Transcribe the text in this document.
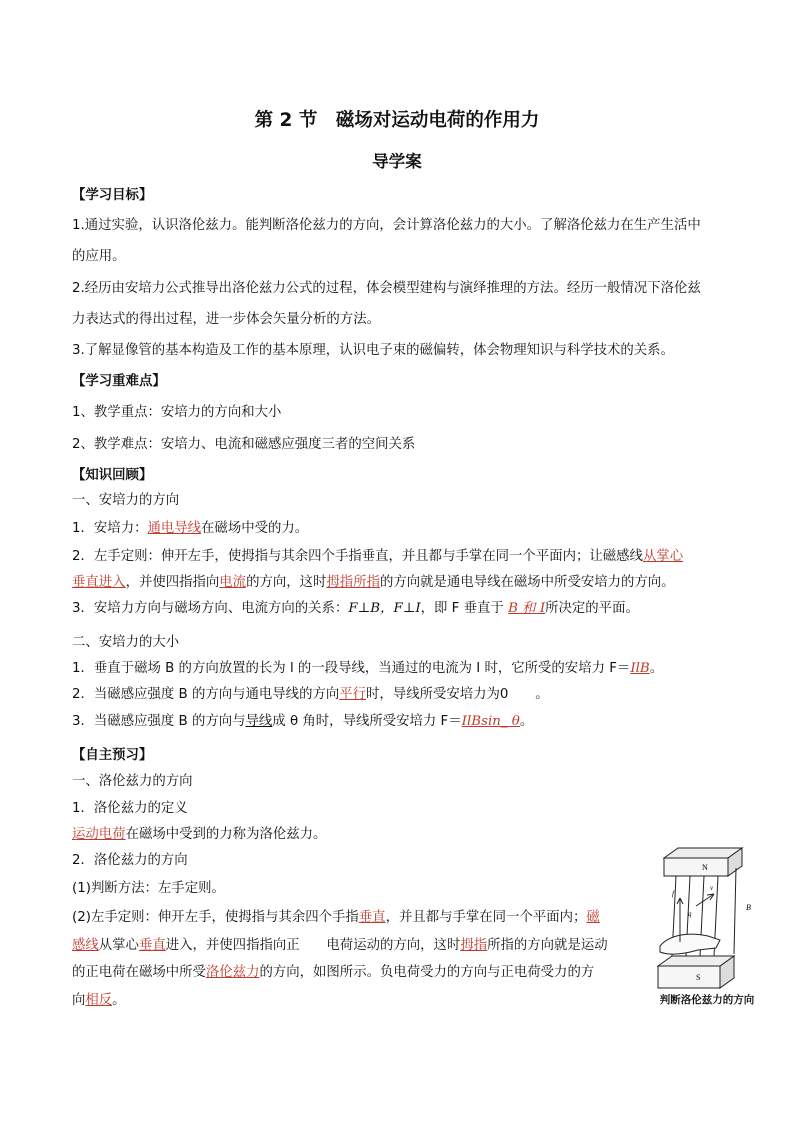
第 2 节　磁场对运动电荷的作用力
导学案
【学习目标】
1.通过实验，认识洛伦兹力。能判断洛伦兹力的方向，会计算洛伦兹力的大小。了解洛伦兹力在生产生活中
的应用。
2.经历由安培力公式推导出洛伦兹力公式的过程，体会模型建构与演绎推理的方法。经历一般情况下洛伦兹
力表达式的得出过程，进一步体会矢量分析的方法。
3.了解显像管的基本构造及工作的基本原理，认识电子束的磁偏转，体会物理知识与科学技术的关系。
【学习重难点】
1、教学重点：安培力的方向和大小
2、教学难点：安培力、电流和磁感应强度三者的空间关系
【知识回顾】
一、安培力的方向
1．安培力：通电导线在磁场中受的力。
2．左手定则：伸开左手，使拇指与其余四个手指垂直，并且都与手掌在同一个平面内；让磁感线从掌心
垂直进入，并使四指指向电流的方向，这时拇指所指的方向就是通电导线在磁场中所受安培力的方向。
3．安培力方向与磁场方向、电流方向的关系：F⊥B，F⊥I，即 F 垂直于 B 和 I所决定的平面。
二、安培力的大小
1．垂直于磁场 B 的方向放置的长为 l 的一段导线，当通过的电流为 I 时，它所受的安培力 F＝IlB。
2．当磁感应强度 B 的方向与通电导线的方向平行时，导线所受安培力为0　　。
3．当磁感应强度 B 的方向与导线成 θ 角时，导线所受安培力 F＝IlBsin_ θ。
【自主预习】
一、洛伦兹力的方向
1．洛伦兹力的定义
运动电荷在磁场中受到的力称为洛伦兹力。
2．洛伦兹力的方向
(1)判断方法：左手定则。
(2)左手定则：伸开左手，使拇指与其余四个手指垂直，并且都与手掌在同一个平面内；磁
感线从掌心垂直进入，并使四指指向正　　电荷运动的方向，这时拇指所指的方向就是运动
的正电荷在磁场中所受洛伦兹力的方向，如图所示。负电荷受力的方向与正电荷受力的方
向相反。
N
S
B
v
q
f
判断洛伦兹力的方向
